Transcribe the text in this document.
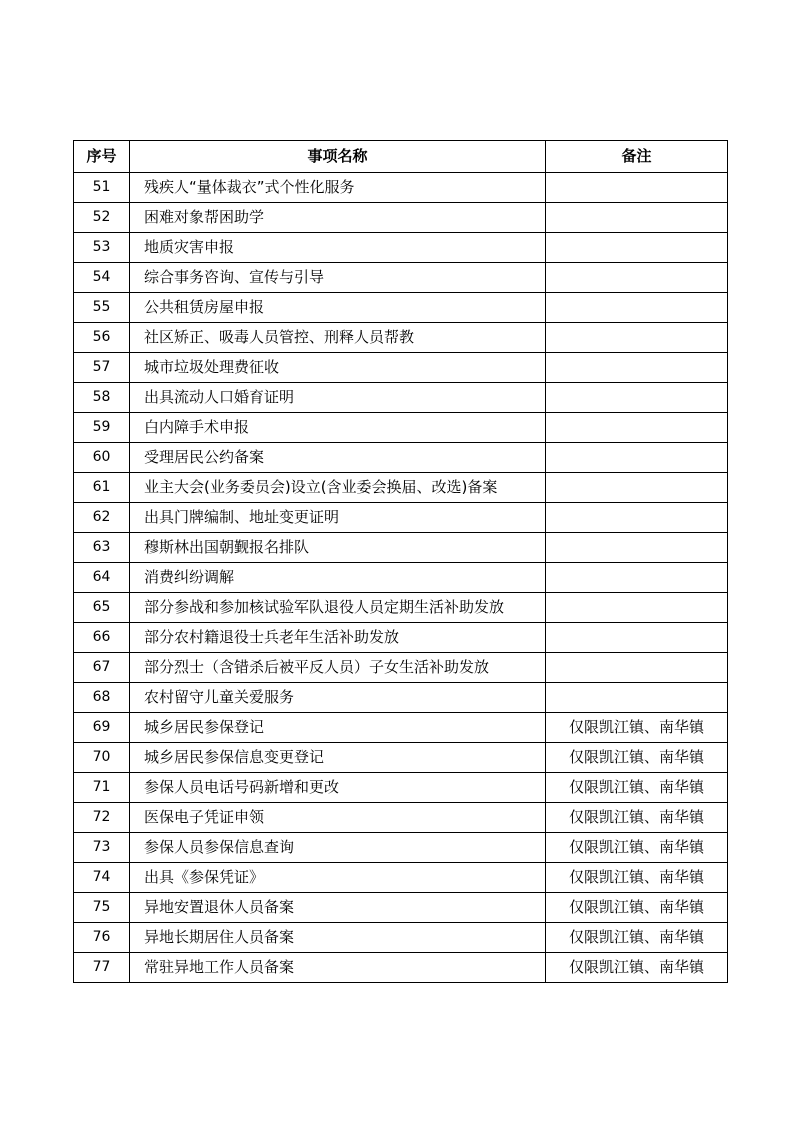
序号	事项名称	备注
51	残疾人“量体裁衣”式个性化服务	
52	困难对象帮困助学	
53	地质灾害申报	
54	综合事务咨询、宣传与引导	
55	公共租赁房屋申报	
56	社区矫正、吸毒人员管控、刑释人员帮教	
57	城市垃圾处理费征收	
58	出具流动人口婚育证明	
59	白内障手术申报	
60	受理居民公约备案	
61	业主大会(业务委员会)设立(含业委会换届、改选)备案	
62	出具门牌编制、地址变更证明	
63	穆斯林出国朝觐报名排队	
64	消费纠纷调解	
65	部分参战和参加核试验军队退役人员定期生活补助发放	
66	部分农村籍退役士兵老年生活补助发放	
67	部分烈士（含错杀后被平反人员）子女生活补助发放	
68	农村留守儿童关爱服务	
69	城乡居民参保登记	仅限凯江镇、南华镇
70	城乡居民参保信息变更登记	仅限凯江镇、南华镇
71	参保人员电话号码新增和更改	仅限凯江镇、南华镇
72	医保电子凭证申领	仅限凯江镇、南华镇
73	参保人员参保信息查询	仅限凯江镇、南华镇
74	出具《参保凭证》	仅限凯江镇、南华镇
75	异地安置退休人员备案	仅限凯江镇、南华镇
76	异地长期居住人员备案	仅限凯江镇、南华镇
77	常驻异地工作人员备案	仅限凯江镇、南华镇
